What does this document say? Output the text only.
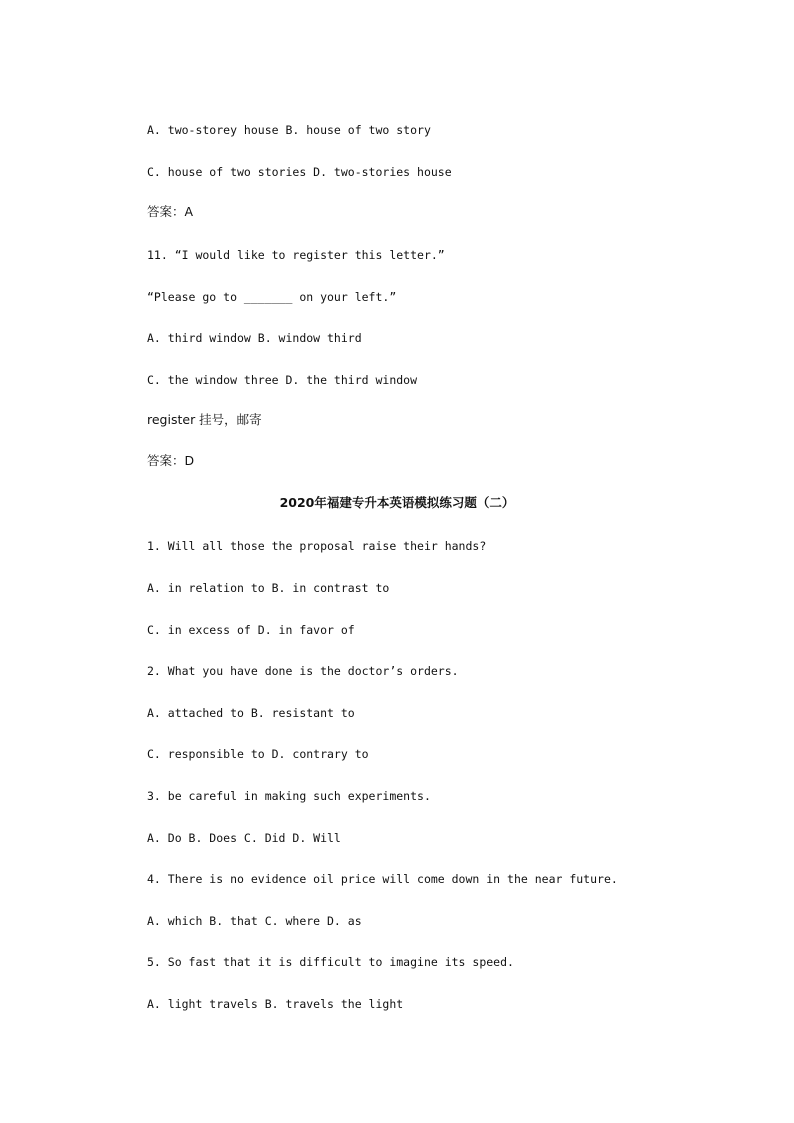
A. two-storey house B. house of two story
C. house of two stories D. two-stories house
答案：A
11. “I would like to register this letter.”
“Please go to _______ on your left.”
A. third window B. window third
C. the window three D. the third window
register 挂号，邮寄
答案：D
2020年福建专升本英语模拟练习题（二）
1. Will all those the proposal raise their hands?
A. in relation to B. in contrast to
C. in excess of D. in favor of
2. What you have done is the doctor’s orders.
A. attached to B. resistant to
C. responsible to D. contrary to
3. be careful in making such experiments.
A. Do B. Does C. Did D. Will
4. There is no evidence oil price will come down in the near future.
A. which B. that C. where D. as
5. So fast that it is difficult to imagine its speed.
A. light travels B. travels the light
